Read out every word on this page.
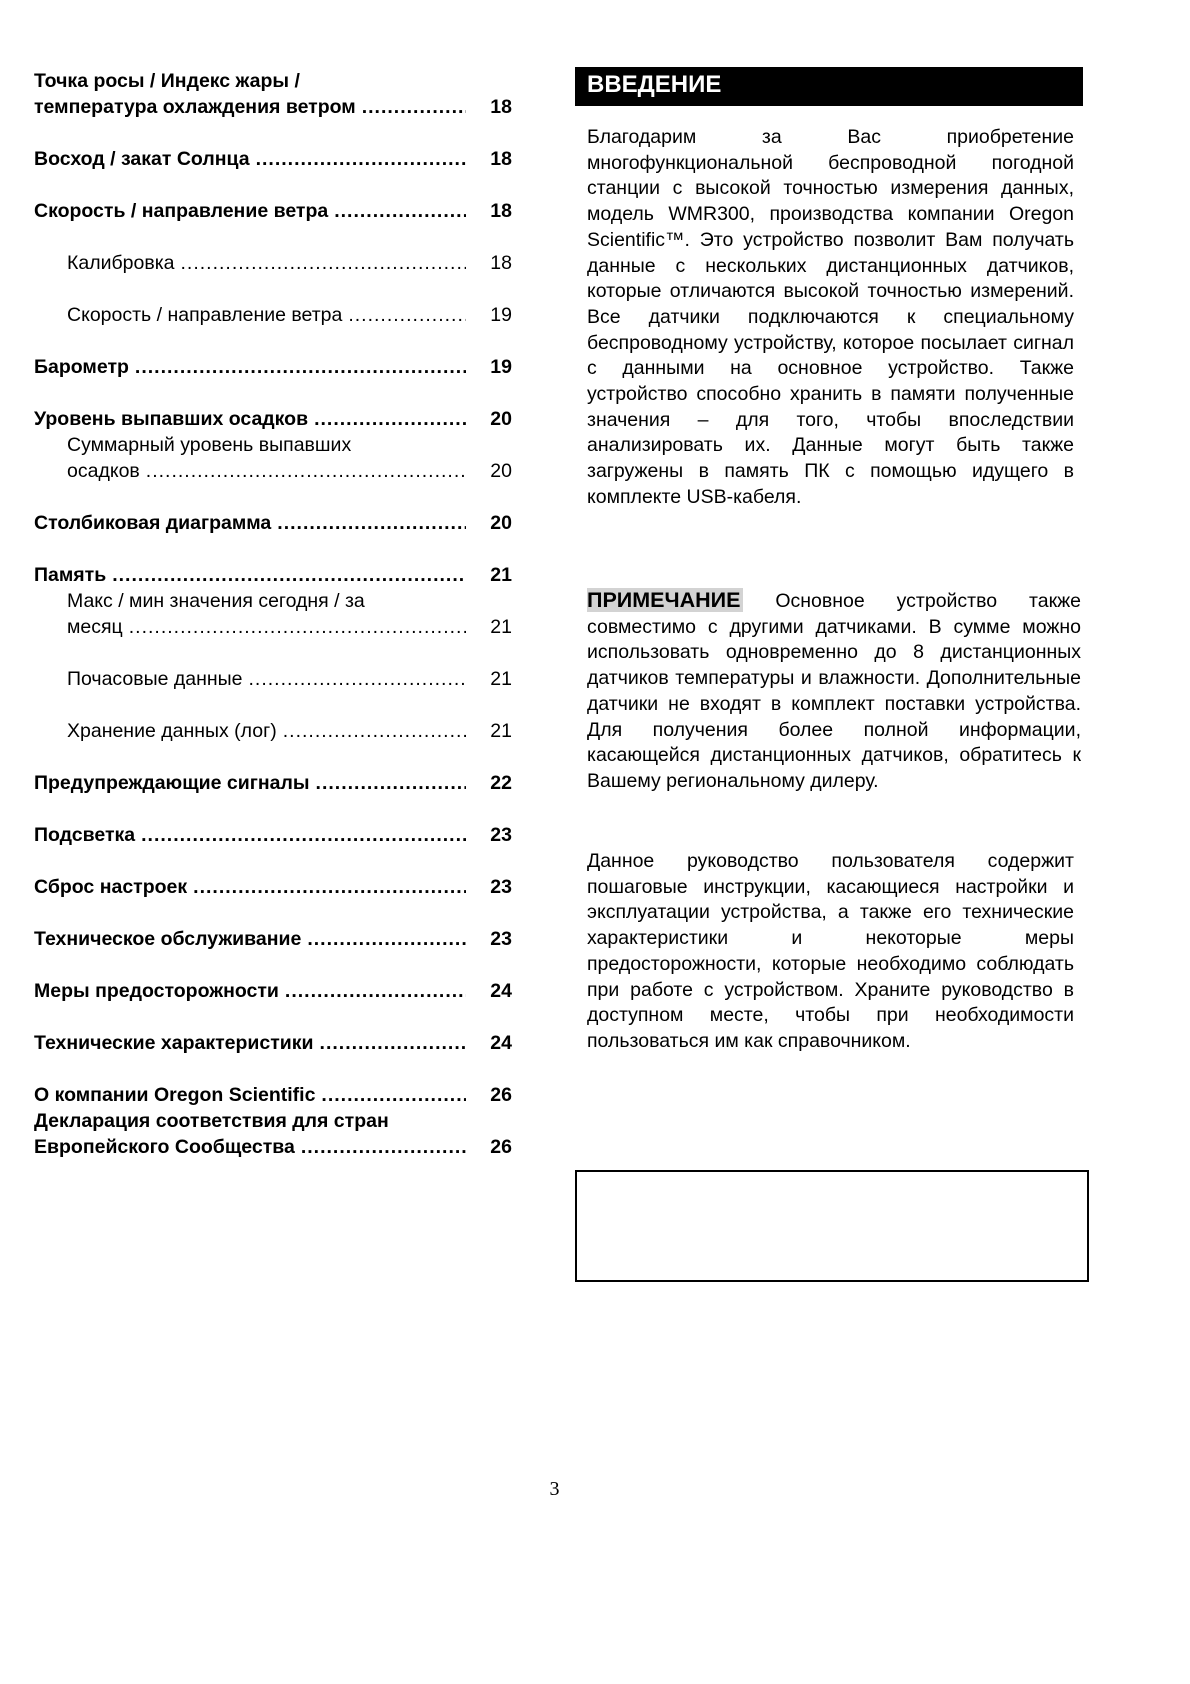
Точка росы / Индекс жары /
температура охлаждения ветром .....	18
Восход / закат Солнца .....	18
Скорость / направление ветра .....	18
Калибровка .....	18
Скорость / направление ветра .....	19
Барометр .....	19
Уровень выпавших осадков .....	20
Суммарный уровень выпавших
осадков .....	20
Столбиковая диаграмма .....	20
Память .....	21
Макс / мин значения сегодня / за
месяц .....	21
Почасовые данные .....	21
Хранение данных (лог) .....	21
Предупреждающие сигналы .....	22
Подсветка .....	23
Сброс настроек .....	23
Техническое обслуживание .....	23
Меры предосторожности .....	24
Технические характеристики .....	24
О компании Oregon Scientific .....	26
Декларация соответствия для стран
Европейского Сообщества .....	26
ВВЕДЕНИЕ
Благодарим за Вас приобретение многофункциональной беспроводной погодной станции с высокой точностью измерения данных, модель WMR300, производства компании Oregon Scientific™. Это устройство позволит Вам получать данные с нескольких дистанционных датчиков, которые отличаются высокой точностью измерений. Все датчики подключаются к специальному беспроводному устройству, которое посылает сигнал с данными на основное устройство. Также устройство способно хранить в памяти полученные значения – для того, чтобы впоследствии анализировать их. Данные могут быть также загружены в память ПК с помощью идущего в комплекте USB-кабеля.
ПРИМЕЧАНИЕ Основное устройство также совместимо с другими датчиками. В сумме можно использовать одновременно до 8 дистанционных датчиков температуры и влажности. Дополнительные датчики не входят в комплект поставки устройства. Для получения более полной информации, касающейся дистанционных датчиков, обратитесь к Вашему региональному дилеру.
Данное руководство пользователя содержит пошаговые инструкции, касающиеся настройки и эксплуатации устройства, а также его технические характеристики и некоторые меры предосторожности, которые необходимо соблюдать при работе с устройством. Храните руководство в доступном месте, чтобы при необходимости пользоваться им как справочником.
3
